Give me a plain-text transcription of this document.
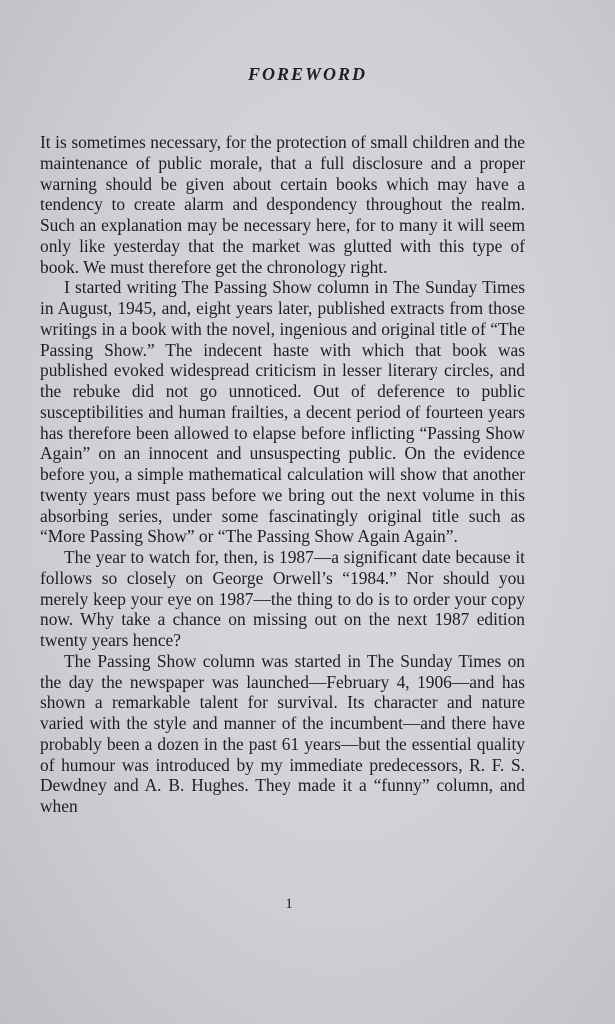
FOREWORD

It is sometimes necessary, for the protection of small children and the maintenance of public morale, that a full disclosure and a proper warning should be given about certain books which may have a tendency to create alarm and despondency throughout the realm. Such an explanation may be necessary here, for to many it will seem only like yesterday that the market was glutted with this type of book. We must therefore get the chronology right.

I started writing The Passing Show column in The Sunday Times in August, 1945, and, eight years later, published extracts from those writings in a book with the novel, ingenious and original title of “The Passing Show.” The indecent haste with which that book was published evoked widespread criticism in lesser literary circles, and the rebuke did not go unnoticed. Out of deference to public susceptibilities and human frailties, a decent period of fourteen years has therefore been allowed to elapse before inflicting “Passing Show Again” on an innocent and unsuspecting public. On the evidence before you, a simple mathematical calculation will show that another twenty years must pass before we bring out the next volume in this absorbing series, under some fascinatingly original title such as “More Passing Show” or “The Passing Show Again Again”.

The year to watch for, then, is 1987—a significant date because it follows so closely on George Orwell’s “1984.” Nor should you merely keep your eye on 1987—the thing to do is to order your copy now. Why take a chance on missing out on the next 1987 edition twenty years hence?

The Passing Show column was started in The Sunday Times on the day the newspaper was launched—February 4, 1906—and has shown a remarkable talent for survival. Its character and nature varied with the style and manner of the incumbent—and there have probably been a dozen in the past 61 years—but the essential quality of humour was introduced by my immediate predecessors, R. F. S. Dewdney and A. B. Hughes. They made it a “funny” column, and when

1
